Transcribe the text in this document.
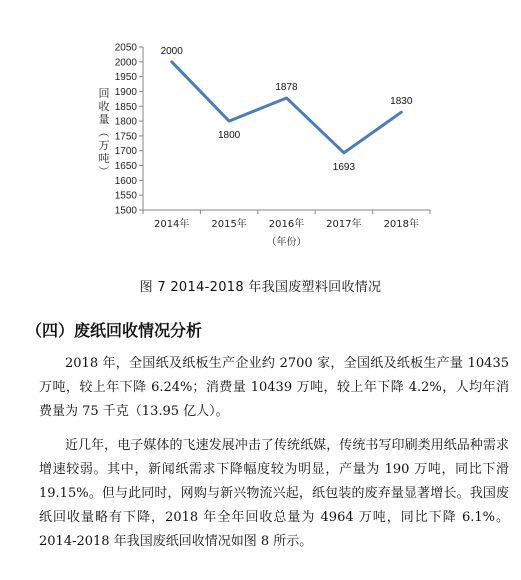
1500
1550
1600
1650
1700
1750
1800
1850
1900
1950
2000
2050
2014年 2015年 2016年 2017年 2018年
（年份）
回
收
量
（
万
吨
）
2000
1800
1878
1693
1830
图 7 2014-2018 年我国废塑料回收情况
（四）废纸回收情况分析

2018 年，全国纸及纸板生产企业约 2700 家，全国纸及纸板生产量 10435 万吨，较上年下降 6.24%；消费量 10439 万吨，较上年下降 4.2%，人均年消费量为 75 千克（13.95 亿人）。

近几年，电子媒体的飞速发展冲击了传统纸媒，传统书写印刷类用纸品种需求增速较弱。其中，新闻纸需求下降幅度较为明显，产量为 190 万吨，同比下滑 19.15%。但与此同时，网购与新兴物流兴起，纸包装的废弃量显著增长。我国废纸回收量略有下降，2018 年全年回收总量为 4964 万吨，同比下降 6.1%。2014-2018 年我国废纸回收情况如图 8 所示。
